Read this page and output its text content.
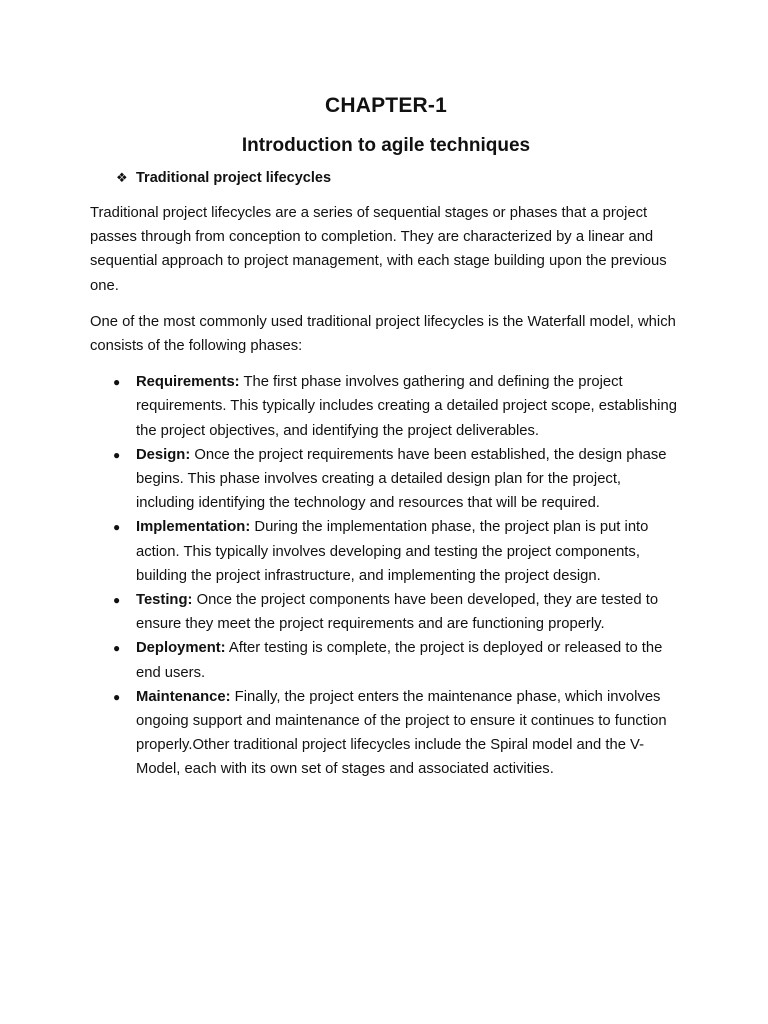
CHAPTER-1
Introduction to agile techniques
❖ Traditional project lifecycles

Traditional project lifecycles are a series of sequential stages or phases that a project passes through from conception to completion. They are characterized by a linear and sequential approach to project management, with each stage building upon the previous one.

One of the most commonly used traditional project lifecycles is the Waterfall model, which consists of the following phases:

● Requirements: The first phase involves gathering and defining the project requirements. This typically includes creating a detailed project scope, establishing the project objectives, and identifying the project deliverables.
● Design: Once the project requirements have been established, the design phase begins. This phase involves creating a detailed design plan for the project, including identifying the technology and resources that will be required.
● Implementation: During the implementation phase, the project plan is put into action. This typically involves developing and testing the project components, building the project infrastructure, and implementing the project design.
● Testing: Once the project components have been developed, they are tested to ensure they meet the project requirements and are functioning properly.
● Deployment: After testing is complete, the project is deployed or released to the end users.
● Maintenance: Finally, the project enters the maintenance phase, which involves ongoing support and maintenance of the project to ensure it continues to function properly.Other traditional project lifecycles include the Spiral model and the V-Model, each with its own set of stages and associated activities.
